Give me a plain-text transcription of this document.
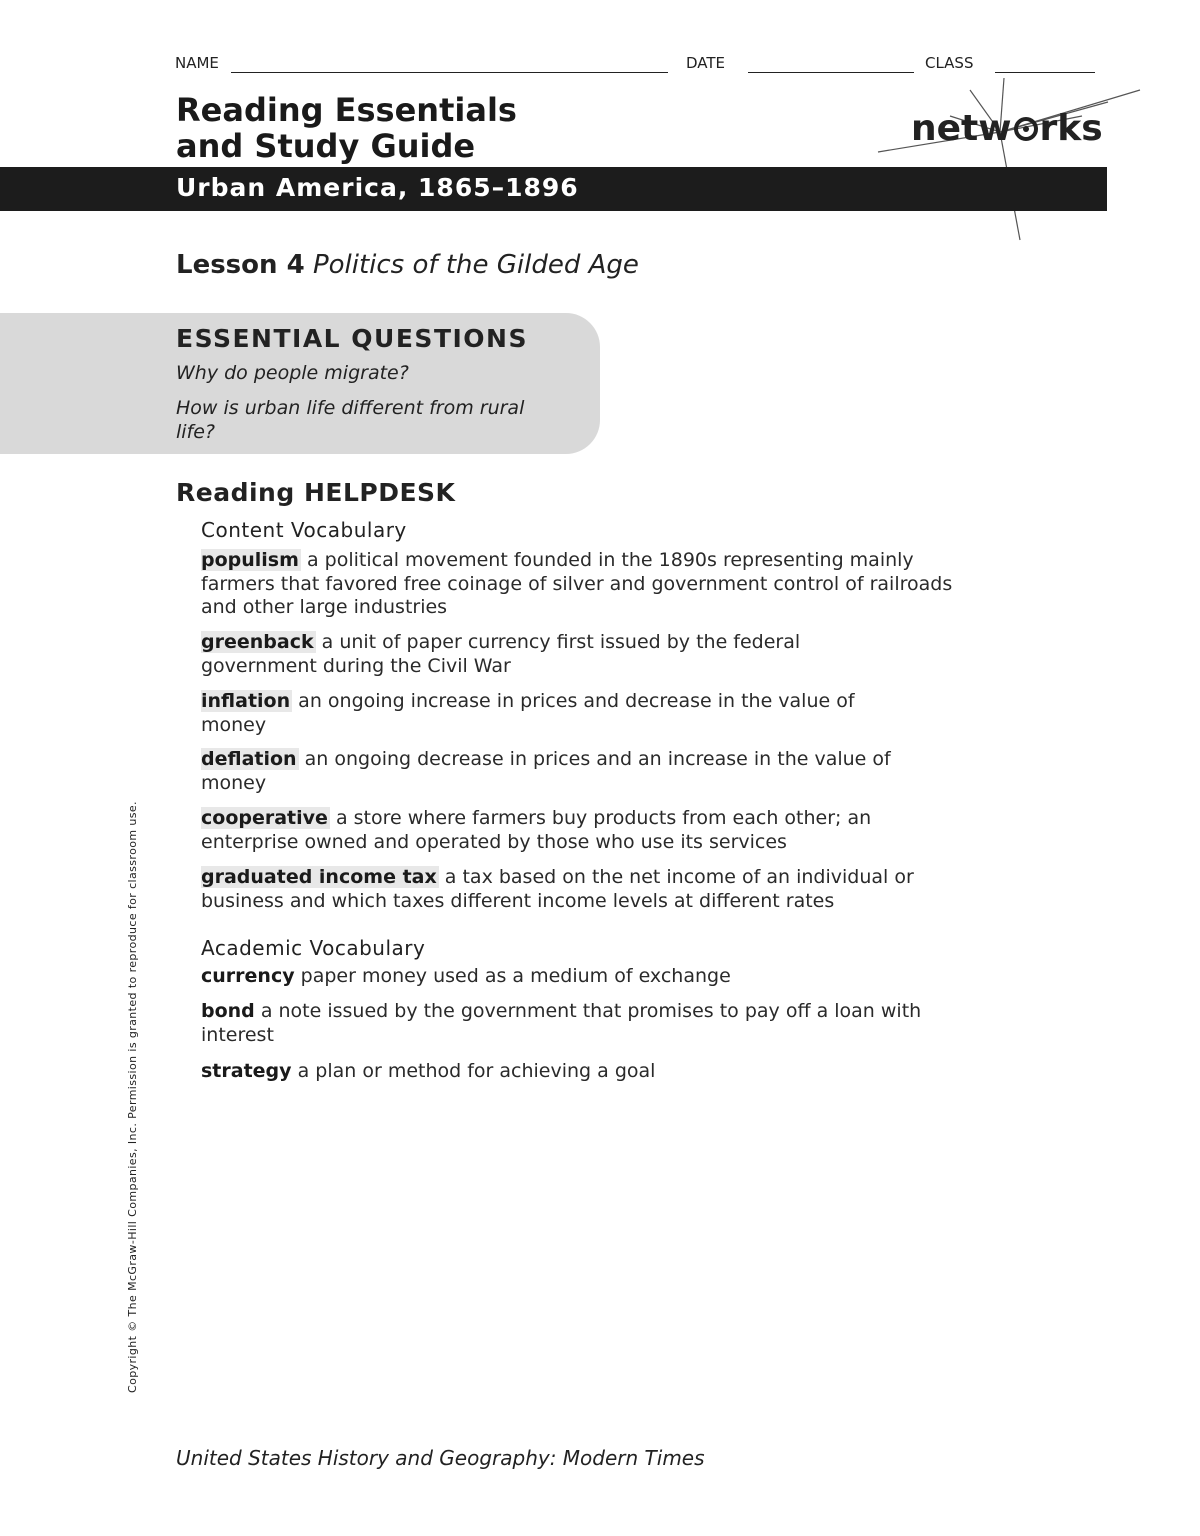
NAME	DATE	CLASS
Reading Essentials
and Study Guide	netw rks
Urban America, 1865–1896
Lesson 4 Politics of the Gilded Age
ESSENTIAL QUESTIONS
Why do people migrate?
How is urban life different from rural life?
Reading HELPDESK
Content Vocabulary
populism a political movement founded in the 1890s representing mainly farmers that favored free coinage of silver and government control of railroads and other large industries
greenback a unit of paper currency first issued by the federal government during the Civil War
inflation an ongoing increase in prices and decrease in the value of money
deflation an ongoing decrease in prices and an increase in the value of money
cooperative a store where farmers buy products from each other; an enterprise owned and operated by those who use its services
graduated income tax a tax based on the net income of an individual or business and which taxes different income levels at different rates
Academic Vocabulary
currency paper money used as a medium of exchange
bond a note issued by the government that promises to pay off a loan with interest
strategy a plan or method for achieving a goal
Copyright © The McGraw-Hill Companies, Inc. Permission is granted to reproduce for classroom use.
United States History and Geography: Modern Times
